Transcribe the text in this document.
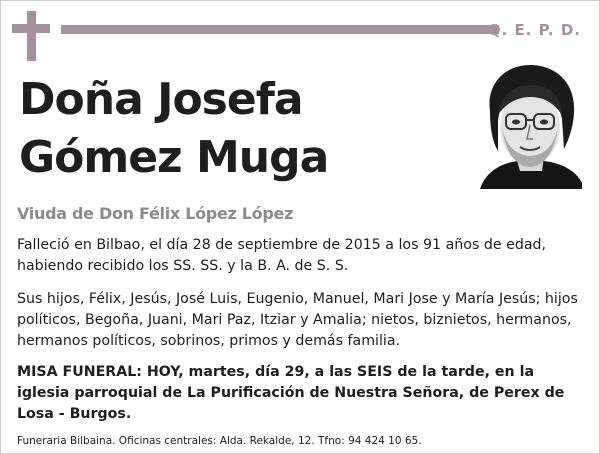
Q. E. P. D.
Doña Josefa
Gómez Muga
Viuda de Don Félix López López

Falleció en Bilbao, el día 28 de septiembre de 2015 a los 91 años de edad, habiendo recibido los SS. SS. y la B. A. de S. S.

Sus hijos, Félix, Jesús, José Luis, Eugenio, Manuel, Mari Jose y María Jesús; hijos políticos, Begoña, Juani, Mari Paz, Itziar y Amalia; nietos, biznietos, hermanos, hermanos políticos, sobrinos, primos y demás familia.

MISA FUNERAL: HOY, martes, día 29, a las SEIS de la tarde, en la iglesia parroquial de La Purificación de Nuestra Señora, de Perex de Losa - Burgos.

Funeraria Bilbaina. Oficinas centrales: Alda. Rekalde, 12. Tfno: 94 424 10 65.
